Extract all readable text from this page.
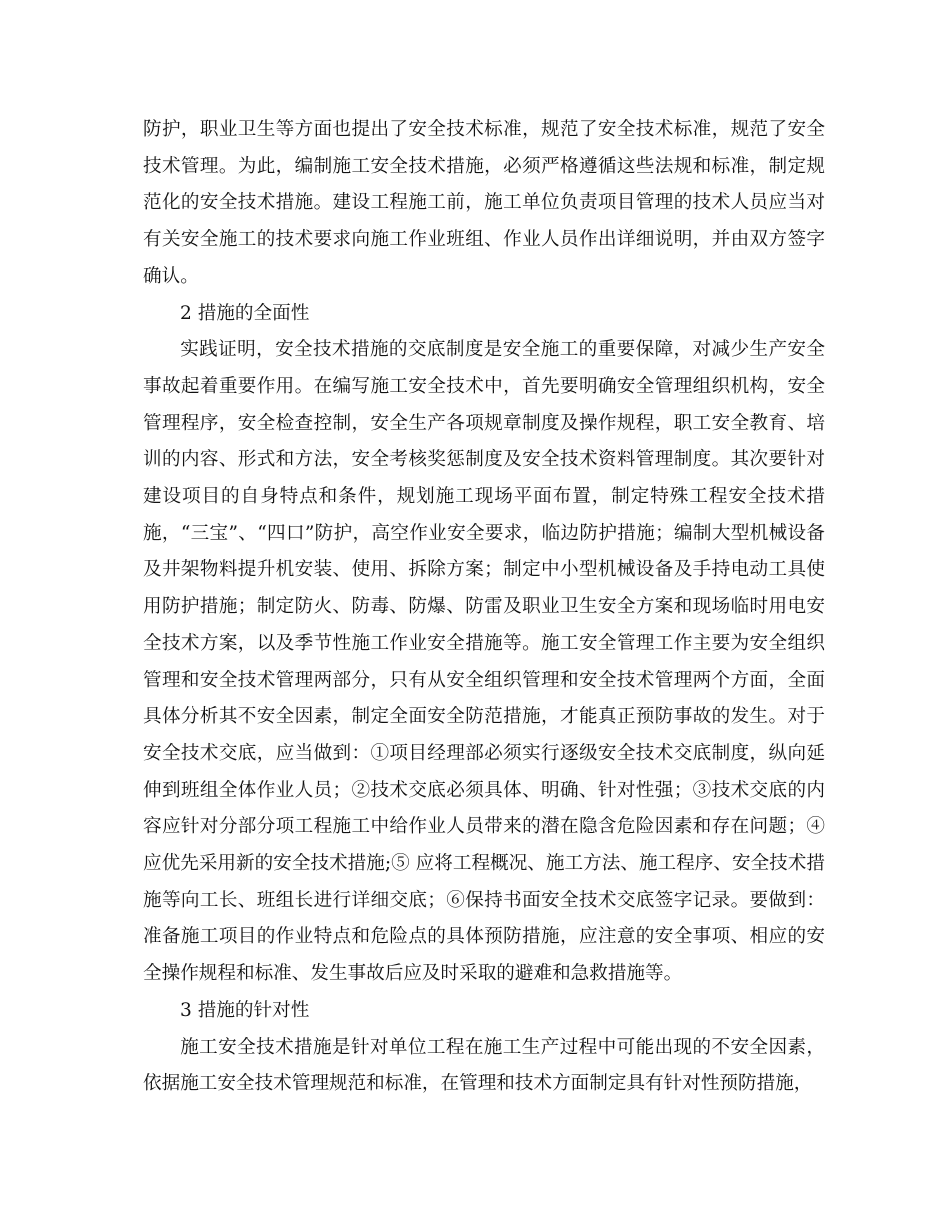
防护，职业卫生等方面也提出了安全技术标准，规范了安全技术标准，规范了安全技术管理。为此，编制施工安全技术措施，必须严格遵循这些法规和标准，制定规范化的安全技术措施。建设工程施工前，施工单位负责项目管理的技术人员应当对有关安全施工的技术要求向施工作业班组、作业人员作出详细说明，并由双方签字确认。

2 措施的全面性

实践证明，安全技术措施的交底制度是安全施工的重要保障，对减少生产安全事故起着重要作用。在编写施工安全技术中，首先要明确安全管理组织机构，安全管理程序，安全检查控制，安全生产各项规章制度及操作规程，职工安全教育、培训的内容、形式和方法，安全考核奖惩制度及安全技术资料管理制度。其次要针对建设项目的自身特点和条件，规划施工现场平面布置，制定特殊工程安全技术措施，“三宝”、“四口”防护，高空作业安全要求，临边防护措施；编制大型机械设备及井架物料提升机安装、使用、拆除方案；制定中小型机械设备及手持电动工具使用防护措施；制定防火、防毒、防爆、防雷及职业卫生安全方案和现场临时用电安全技术方案，以及季节性施工作业安全措施等。施工安全管理工作主要为安全组织管理和安全技术管理两部分，只有从安全组织管理和安全技术管理两个方面，全面具体分析其不安全因素，制定全面安全防范措施，才能真正预防事故的发生。对于安全技术交底，应当做到：①项目经理部必须实行逐级安全技术交底制度，纵向延伸到班组全体作业人员；②技术交底必须具体、明确、针对性强；③技术交底的内容应针对分部分项工程施工中给作业人员带来的潜在隐含危险因素和存在问题；④应优先采用新的安全技术措施;⑤ 应将工程概况、施工方法、施工程序、安全技术措施等向工长、班组长进行详细交底；⑥保持书面安全技术交底签字记录。要做到：准备施工项目的作业特点和危险点的具体预防措施，应注意的安全事项、相应的安全操作规程和标准、发生事故后应及时采取的避难和急救措施等。

3 措施的针对性

施工安全技术措施是针对单位工程在施工生产过程中可能出现的不安全因素，依据施工安全技术管理规范和标准，在管理和技术方面制定具有针对性预防措施，
